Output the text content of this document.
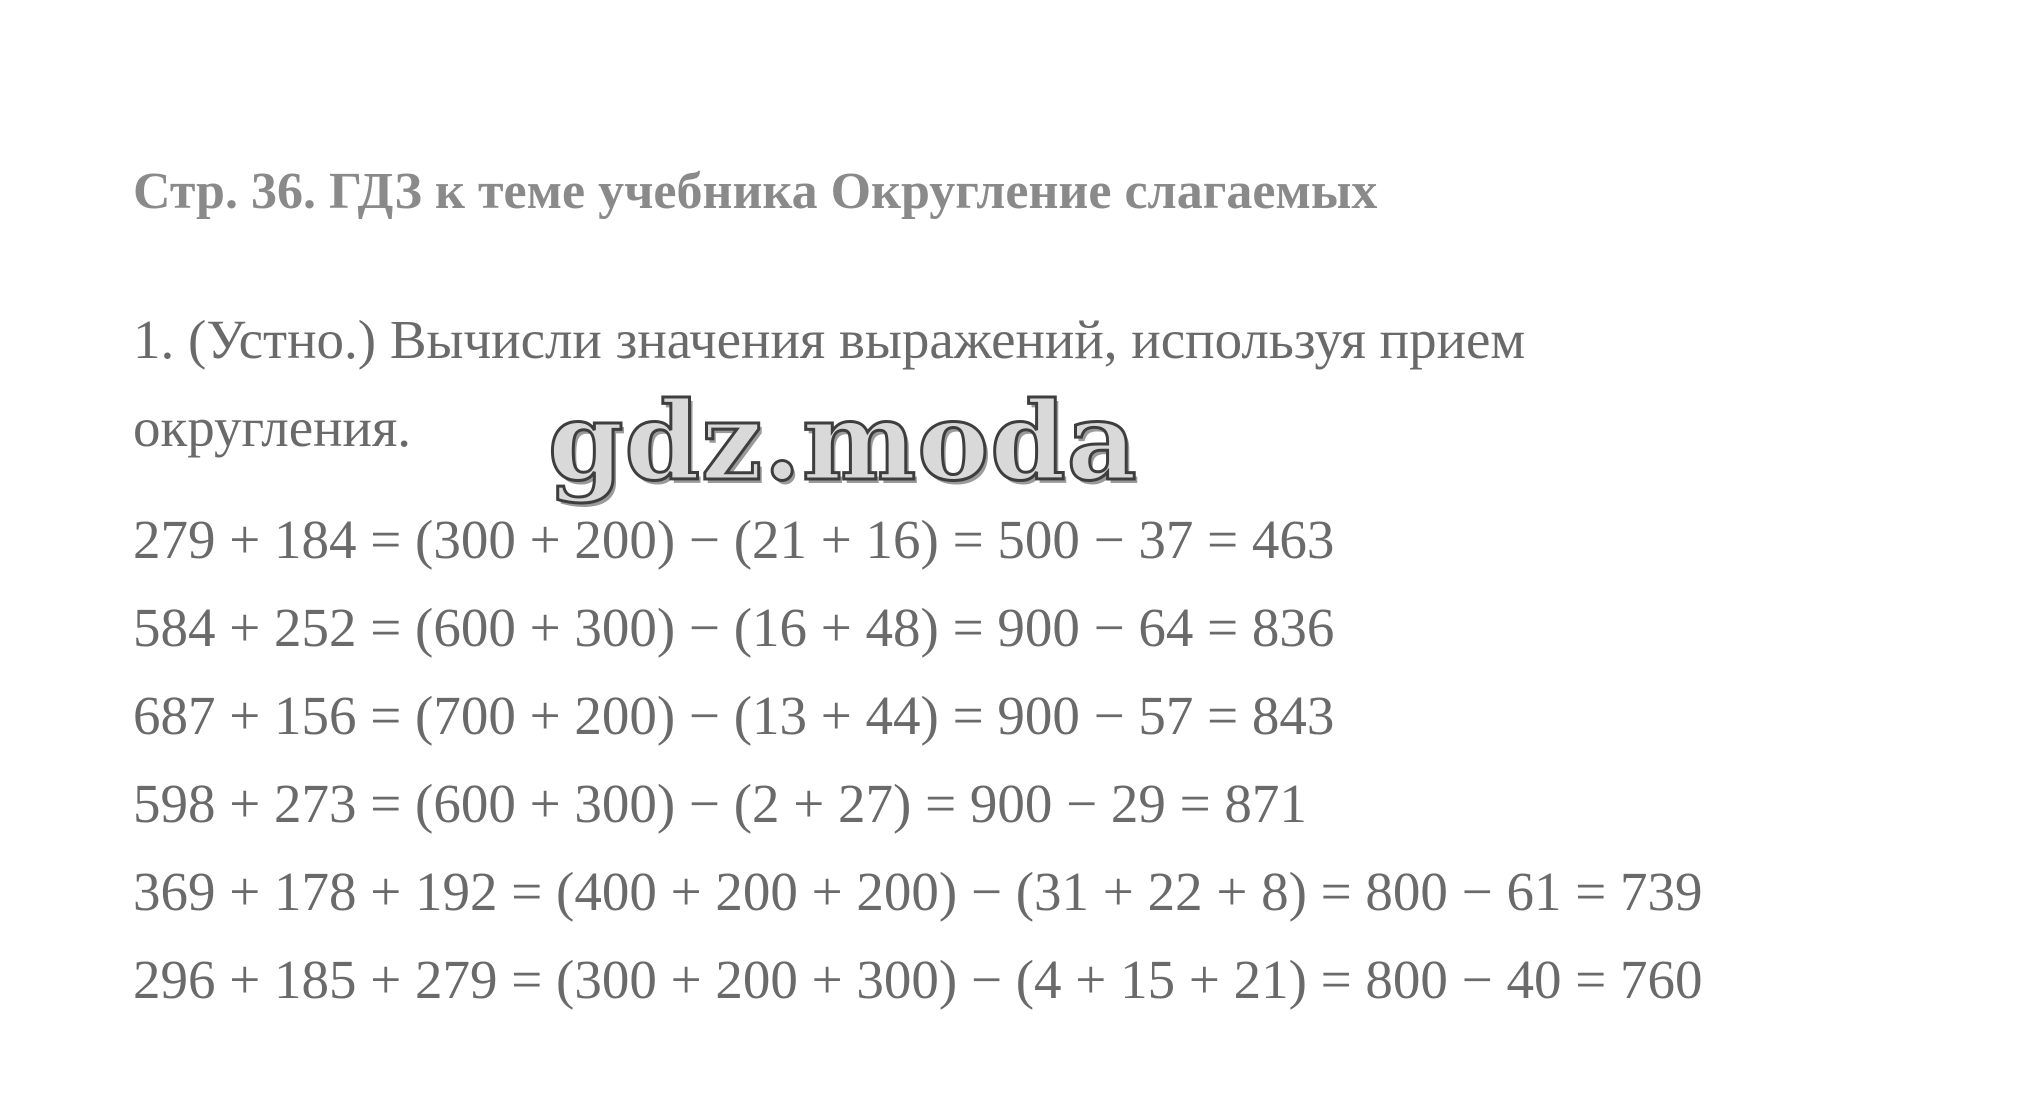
Стр. 36. ГДЗ к теме учебника Округление слагаемых
1. (Устно.) Вычисли значения выражений, используя прием
округления.
279 + 184 = (300 + 200) − (21 + 16) = 500 − 37 = 463
584 + 252 = (600 + 300) − (16 + 48) = 900 − 64 = 836
687 + 156 = (700 + 200) − (13 + 44) = 900 − 57 = 843
598 + 273 = (600 + 300) − (2 + 27) = 900 − 29 = 871
369 + 178 + 192 = (400 + 200 + 200) − (31 + 22 + 8) = 800 − 61 = 739
296 + 185 + 279 = (300 + 200 + 300) − (4 + 15 + 21) = 800 − 40 = 760
gdz.moda
